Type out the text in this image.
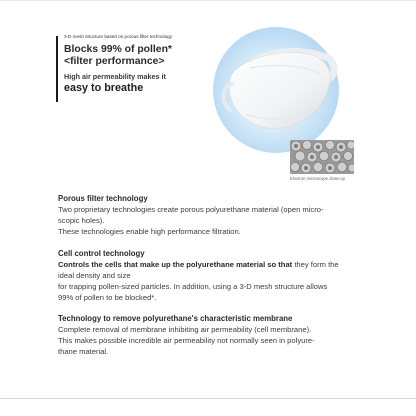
3-D mesh structure based on porous filter technology
Blocks 99% of pollen*
<filter performance>
High air permeability makes it
easy to breathe
Electron microscope close-up
Porous filter technology
Two proprietary technologies create porous polyurethane material (open micro-
scopic holes).
These technologies enable high performance filtration.
Cell control technology
Controls the cells that make up the polyurethane material so that they form the
ideal density and size
for trapping pollen-sized particles. In addition, using a 3-D mesh structure allows
99% of pollen to be blocked*.
Technology to remove polyurethane's characteristic membrane
Complete removal of membrane inhibiting air permeability (cell membrane).
This makes possible incredible air permeability not normally seen in polyure-
thane material.
